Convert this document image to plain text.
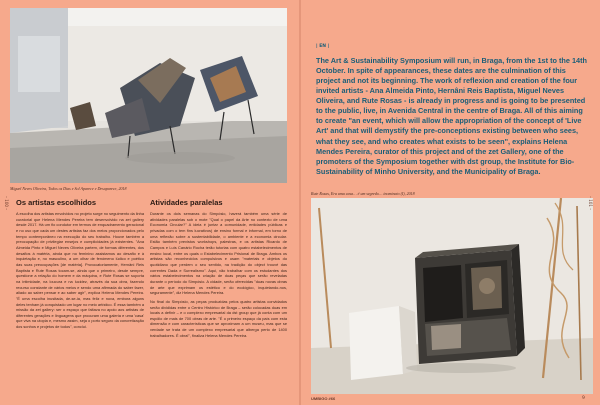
Miguel Neves Oliveira, Todos os Dias e Sol Aparece e Desaparece, 2018
– 100 – Os artistas escolhidos

A escolha dos artistas envolvidos no projeto surge no seguimento da linha curatorial que Helena Mendes Pereira tem desenvolvido na zet gallery desde 2017. Há um fio condutor em termos de enquadramento geracional e no uso que cada um destes artistas faz dos meios proporcionados pelo tempo contemporâneo na execução do seu trabalho. Houve também a preocupação de privilegiar ensejos e cumplicidades já existentes. "Ana Almeida Pinto e Miguel Neves Oliveira partem, de formas diferentes, dos desafios à matéria, ainda que no feminino assistamos ao desafio e à inquietação e, no masculino, a um olhar de fenómeno lúdico e poético das suas preocupações [de matéria]. Provocatoriamente, Hernâni Reis Baptista e Rute Rosas tocam-se, ainda que o primeiro, desde sempre, questione a relação do homem e da máquina, e Rute Rosas se suporta na intimidade, na loucura e na lucidez, através da sua obra, fazendo recurso constante de vários meios e sendo uma afirmada do saber fazer, aliado ao saber pensar e ao saber agir", explica Helena Mendes Pereira. "É uma escolha inusitada, de-se-ia, mas feliz e nova, embora alguns deles tenham já conquistado um lugar no meio artístico. É essa também a missão da zet gallery: ser o espaço que faltava no apoio aos artistas de diferentes gerações e linguagens que procuram uma galeria e uma 'casa' que viva na utopia e, mesmo assim, seja o porto seguro da concretização dos sonhos e projetos de todos", conclui.

Atividades paralelas

Durante os dois semanas do Simpósio, haverá também uma série de atividades paralelas sob o mote "Qual o papel da Arte no contexto de uma Economia Circular?" A ideia é juntar a comunidade, entidades públicas e privadas com o tem fins lucrativos) de ensino formal e informal, em torno de uma reflexão sobre a sustentabilidade, o ambiente e a economia circular. Estão também previstos workshops, palestras, e os artistas Ricardo de Campos e Luís Canário Rocha terão tutorias com quatro estabelecimentos de ensino local, entre os quais o Estabelecimento Prisional de Braga. Ambos os artistas são reconhecidos compulsivos e usam "materiais e objetos do quotidiano que perdem o seu sentido, na tradição do object trouvé das correntes Dada e Surrealismo". Aqui, vão trabalhar com os estudantes dos vários estabelecimentos na criação de duas peças que serão reveladas durante o período do Simpósio. A cidade, serão oferecidas "duas novas obras de arte que exprimam os estético e do ecológico, inquietando-nos, seguramente", diz Helena Mendes Pereira.

No final do Simpósio, as peças produzidas pelos quatro artistas convidados serão divididas entre o Centro Histórico de Braga – serão colocadas duas em locais a definir – e o complexo empresarial da dst group que já conta com um espólio de mais de 700 obras de arte. "É o primeiro espaço da país com esta dimensão e com características que se aproximam a um museu, mas que se verdade se trata de um complexo empresarial que alberga perto de 1400 trabalhadores. É obra!", finaliza Helena Mendes Pereira.

| EN |

The Art & Sustainability Symposium will run, in Braga, from the 1st to the 14th October. In spite of appearances, these dates are the culmination of this project and not its beginning. The work of reflexion and creation of the four invited artists - Ana Almeida Pinto, Hernâni Reis Baptista, Miguel Neves Oliveira, and Rute Rosas - is already in progress and is going to be presented to the public, live, in Avenida Central in the centre of Braga. All of this aiming to create "an event, which will allow the appropriation of the concept of 'Live Art' and that will demystify the pre-conceptions existing between who sees, what they see, and who creates what exists to be seen", explains Helena Mendes Pereira, curator of this project and of the zet Gallery, one of the promoters of the Symposium together with dst group, the Institute for Bio-Sustainability of Minho University, and the Municipality of Braga.

Rute Rosas, Era uma casa… é um segredo… inominato (I), 2018
– 101 –
UMBIGO #66	9
